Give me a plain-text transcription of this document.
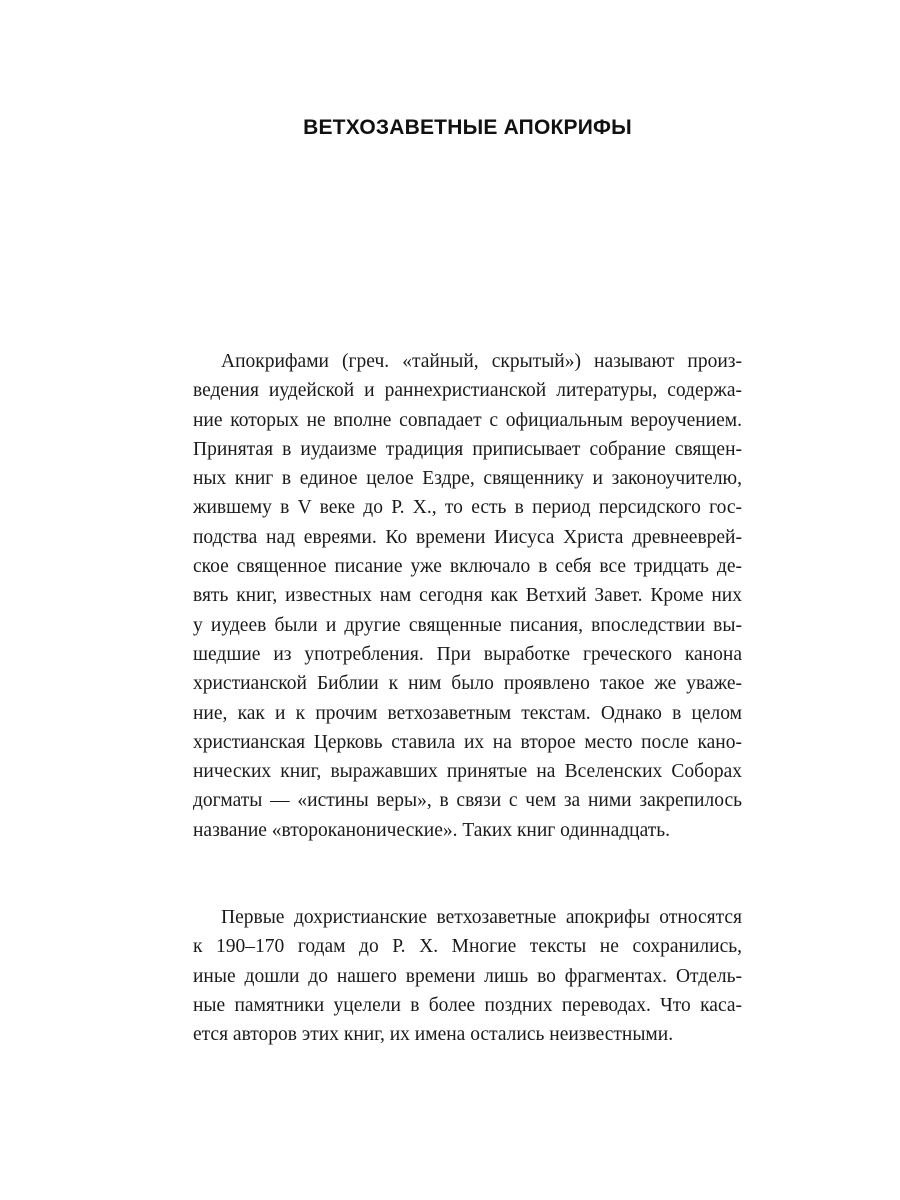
ВЕТХОЗАВЕТНЫЕ АПОКРИФЫ
Апокрифами (греч. «тайный, скрытый») называют произ-
ведения иудейской и раннехристианской литературы, содержа-
ние которых не вполне совпадает с официальным вероучением.
Принятая в иудаизме традиция приписывает собрание священ-
ных книг в единое целое Ездре, священнику и законоучителю,
жившему в V веке до Р. Х., то есть в период персидского гос-
подства над евреями. Ко времени Иисуса Христа древнееврей-
ское священное писание уже включало в себя все тридцать де-
вять книг, известных нам сегодня как Ветхий Завет. Кроме них
у иудеев были и другие священные писания, впоследствии вы-
шедшие из употребления. При выработке греческого канона
христианской Библии к ним было проявлено такое же уваже-
ние, как и к прочим ветхозаветным текстам. Однако в целом
христианская Церковь ставила их на второе место после кано-
нических книг, выражавших принятые на Вселенских Соборах
догматы — «истины веры», в связи с чем за ними закрепилось
название «второканонические». Таких книг одиннадцать.
Первые дохристианские ветхозаветные апокрифы относятся
к 190–170 годам до Р. Х. Многие тексты не сохранились,
иные дошли до нашего времени лишь во фрагментах. Отдель-
ные памятники уцелели в более поздних переводах. Что каса-
ется авторов этих книг, их имена остались неизвестными.
